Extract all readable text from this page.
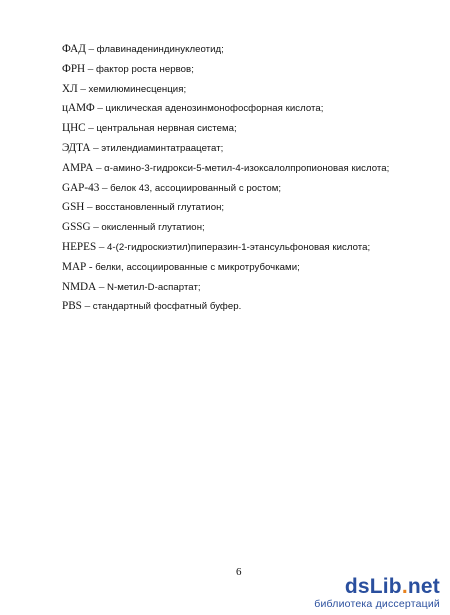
ФАД – флавинадениндинуклеотид;
ФРН – фактор роста нервов;
ХЛ – хемилюминесценция;
цАМФ – циклическая аденозинмонофосфорная кислота;
ЦНС – центральная нервная система;
ЭДТА – этилендиаминтатраацетат;
AMPA – α-амино-3-гидрокси-5-метил-4-изоксалолпропионовая кислота;
GAP-43 – белок 43, ассоциированный с ростом;
GSH – восстановленный глутатион;
GSSG – окисленный глутатион;
HEPES – 4-(2-гидроскиэтил)пиперазин-1-этансульфоновая кислота;
MAP - белки, ассоциированные с микротрубочками;
NMDA – N-метил-D-аспартат;
PBS – стандартный фосфатный буфер.
6
dsLib.net
библиотека диссертаций
